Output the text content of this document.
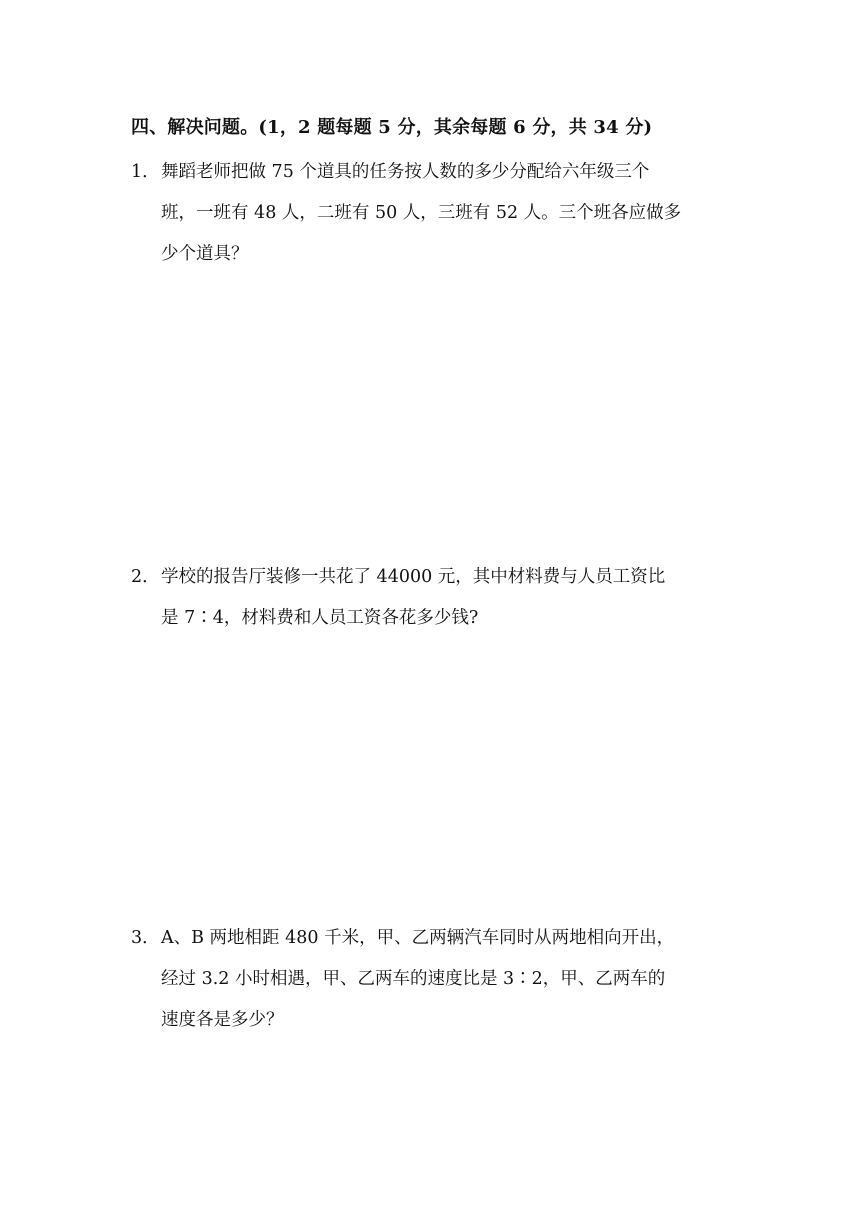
四、解决问题。(1，2 题每题 5 分，其余每题 6 分，共 34 分)
1． 舞蹈老师把做 75 个道具的任务按人数的多少分配给六年级三个
班，一班有 48 人，二班有 50 人，三班有 52 人。三个班各应做多
少个道具？
2． 学校的报告厅装修一共花了 44000 元，其中材料费与人员工资比
是 7∶4，材料费和人员工资各花多少钱?
3． A、B 两地相距 480 千米，甲、乙两辆汽车同时从两地相向开出，
经过 3.2 小时相遇，甲、乙两车的速度比是 3∶2，甲、乙两车的
速度各是多少？
